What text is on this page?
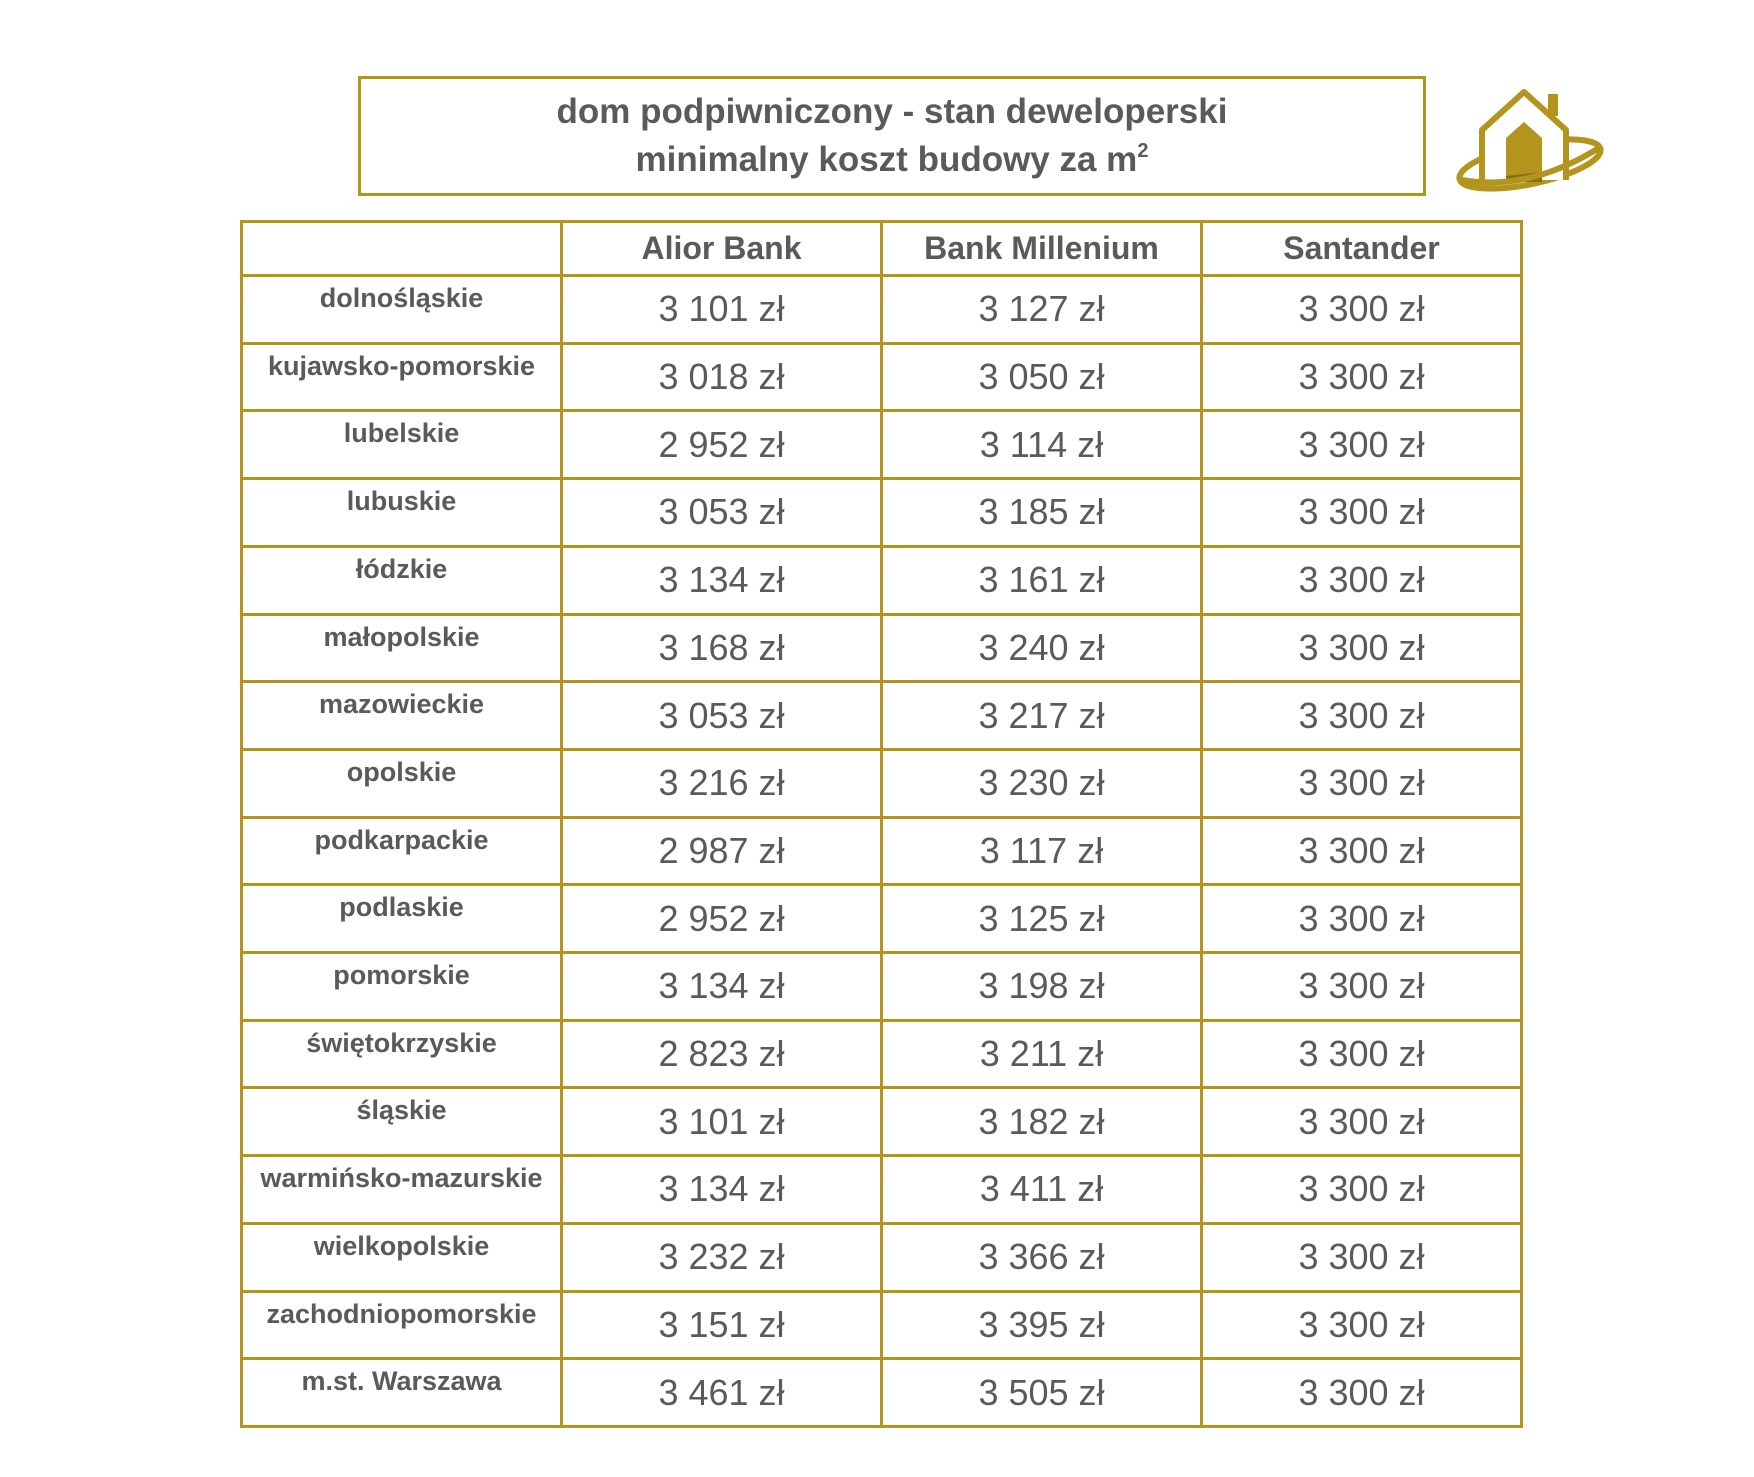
dom podpiwniczony - stan deweloperski
minimalny koszt budowy za $m^2$
	Alior Bank	Bank Millenium	Santander
dolnośląskie	3 101 zł	3 127 zł	3 300 zł
kujawsko-pomorskie	3 018 zł	3 050 zł	3 300 zł
lubelskie	2 952 zł	3 114 zł	3 300 zł
lubuskie	3 053 zł	3 185 zł	3 300 zł
łódzkie	3 134 zł	3 161 zł	3 300 zł
małopolskie	3 168 zł	3 240 zł	3 300 zł
mazowieckie	3 053 zł	3 217 zł	3 300 zł
opolskie	3 216 zł	3 230 zł	3 300 zł
podkarpackie	2 987 zł	3 117 zł	3 300 zł
podlaskie	2 952 zł	3 125 zł	3 300 zł
pomorskie	3 134 zł	3 198 zł	3 300 zł
świętokrzyskie	2 823 zł	3 211 zł	3 300 zł
śląskie	3 101 zł	3 182 zł	3 300 zł
warmińsko-mazurskie	3 134 zł	3 411 zł	3 300 zł
wielkopolskie	3 232 zł	3 366 zł	3 300 zł
zachodniopomorskie	3 151 zł	3 395 zł	3 300 zł
m.st. Warszawa	3 461 zł	3 505 zł	3 300 zł
